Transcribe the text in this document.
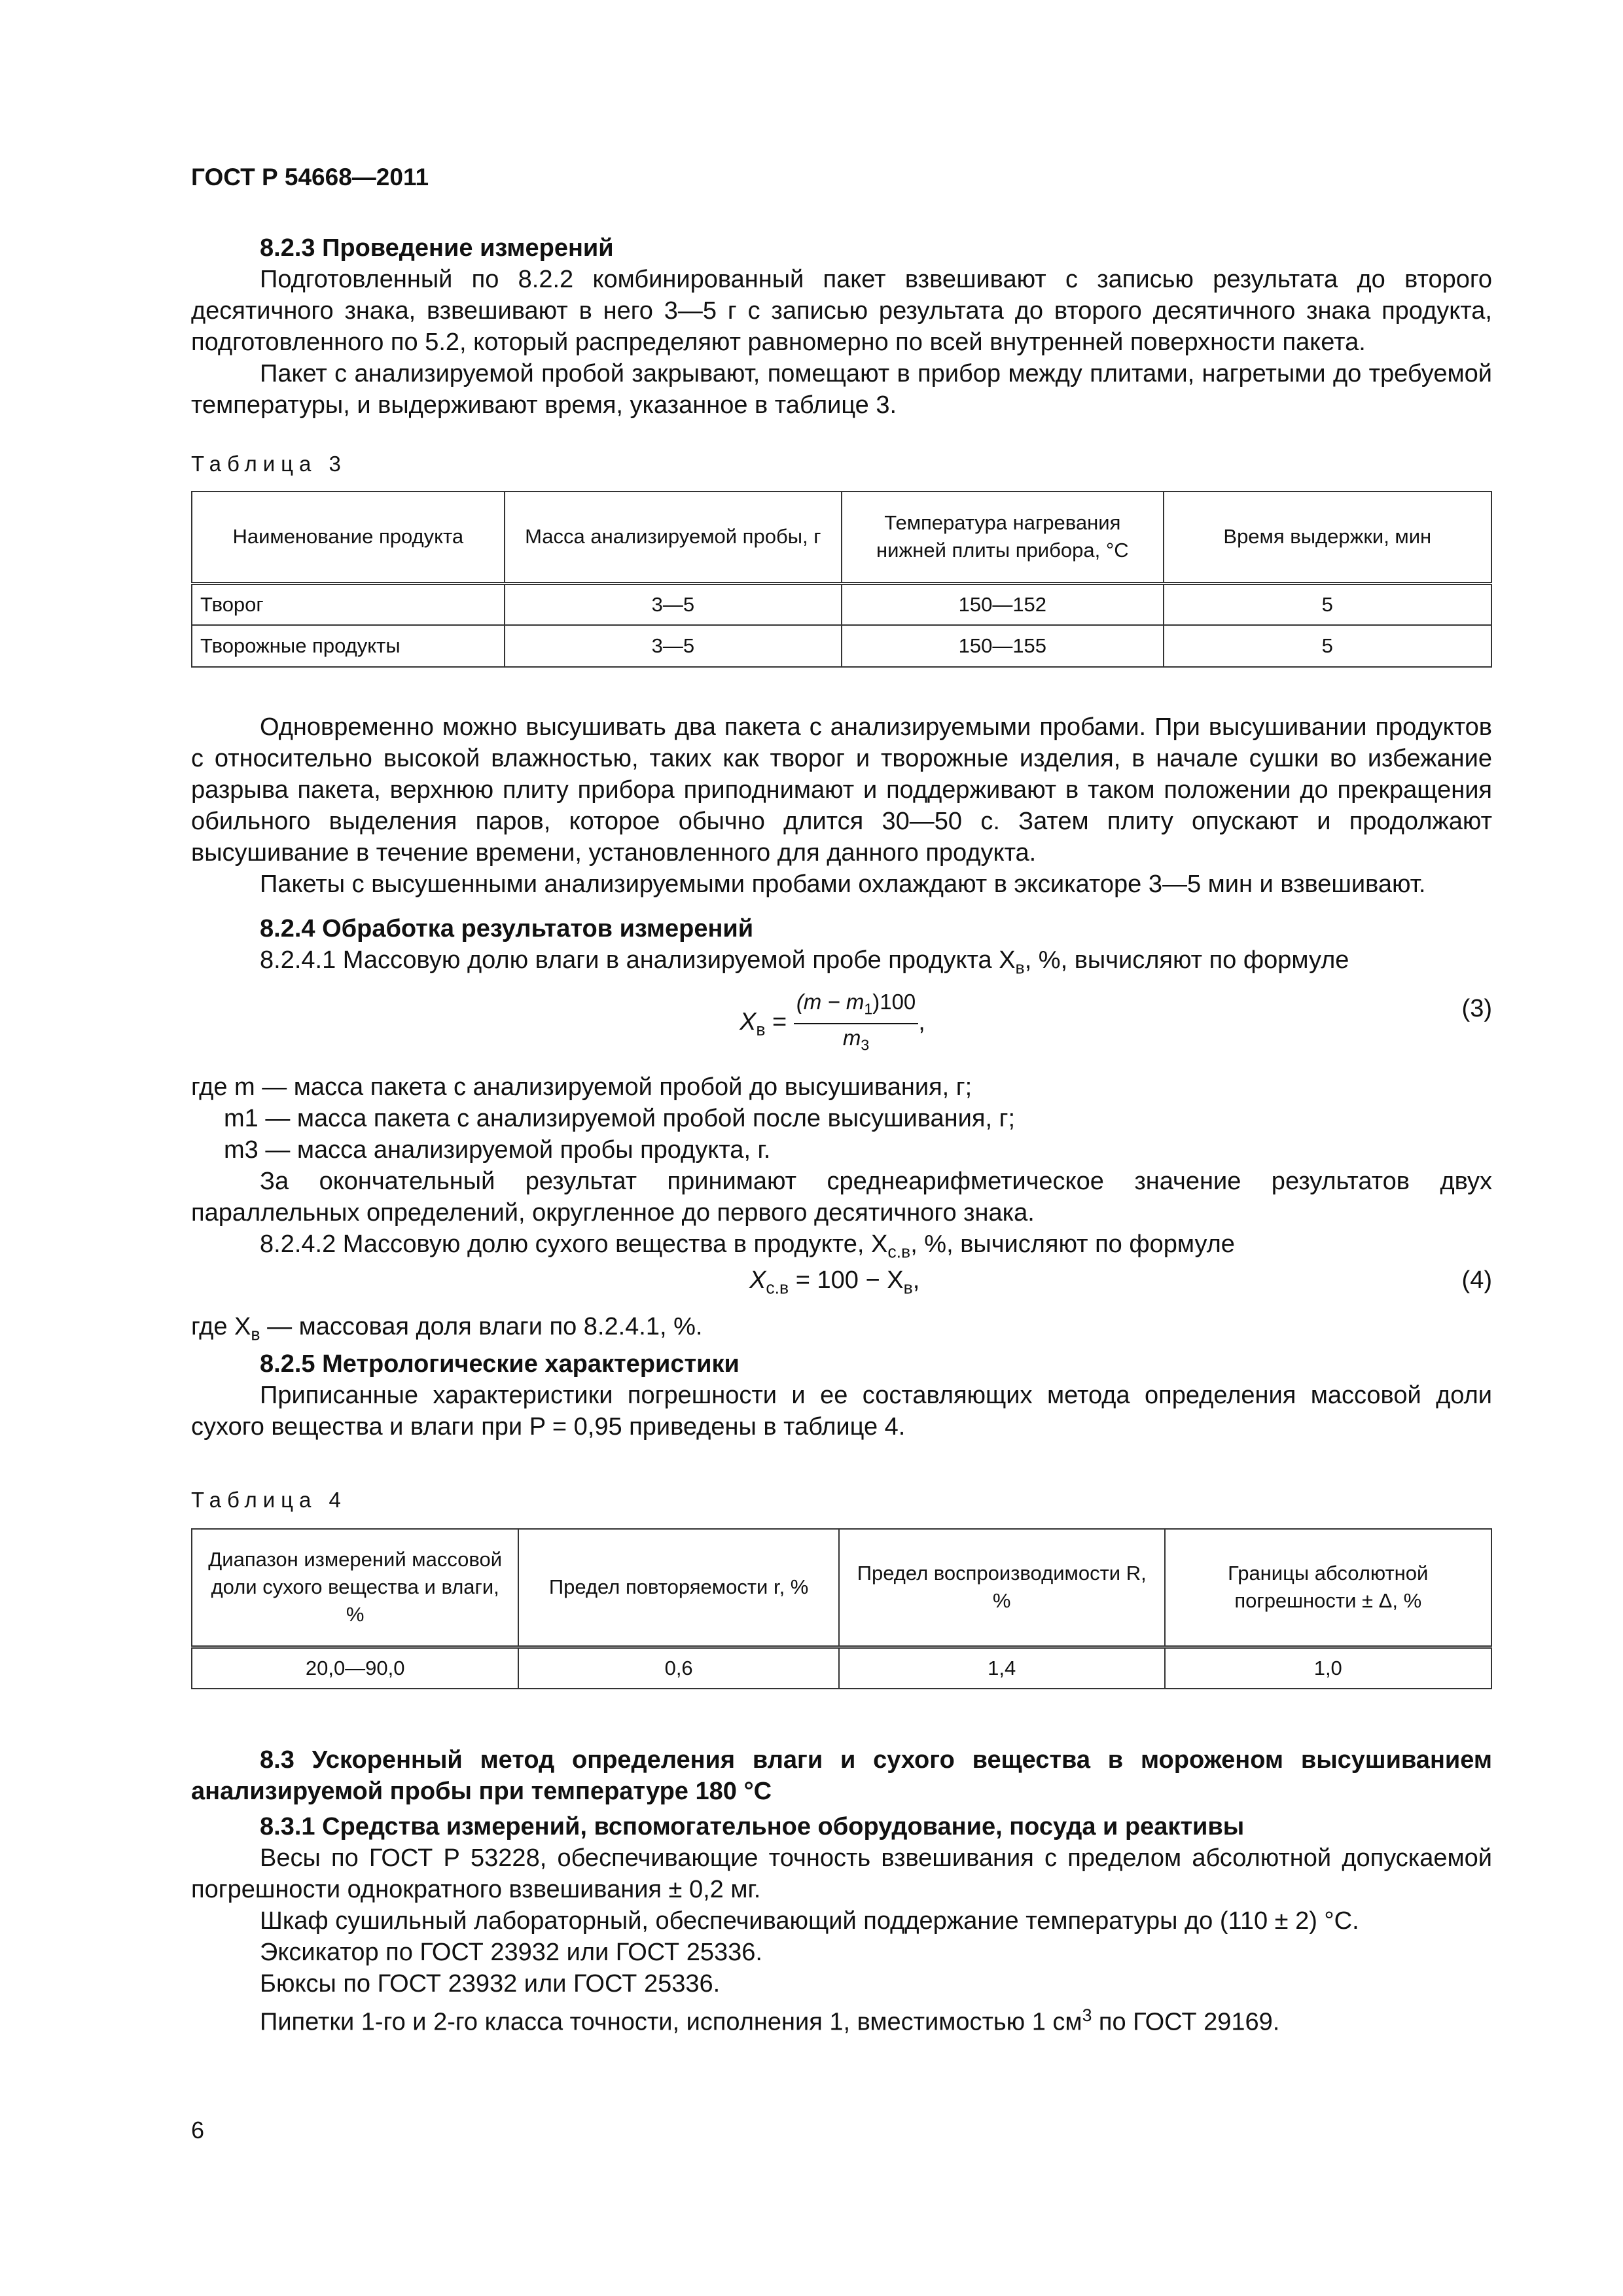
ГОСТ Р 54668—2011

8.2.3 Проведение измерений

Подготовленный по 8.2.2 комбинированный пакет взвешивают с записью результата до второго десятичного знака, взвешивают в него 3—5 г с записью результата до второго десятичного знака продукта, подготовленного по 5.2, который распределяют равномерно по всей внутренней поверхности пакета.

Пакет с анализируемой пробой закрывают, помещают в прибор между плитами, нагретыми до требуемой температуры, и выдерживают время, указанное в таблице 3.

Таблица 3
Наименование продукта	Масса анализируемой пробы, г	Температура нагревания нижней плиты прибора, °С	Время выдержки, мин
Творог	3—5	150—152	5
Творожные продукты	3—5	150—155	5

Одновременно можно высушивать два пакета с анализируемыми пробами. При высушивании продуктов с относительно высокой влажностью, таких как творог и творожные изделия, в начале сушки во избежание разрыва пакета, верхнюю плиту прибора приподнимают и поддерживают в таком положении до прекращения обильного выделения паров, которое обычно длится 30—50 с. Затем плиту опускают и продолжают высушивание в течение времени, установленного для данного продукта.

Пакеты с высушенными анализируемыми пробами охлаждают в эксикаторе 3—5 мин и взвешивают.

8.2.4 Обработка результатов измерений

8.2.4.1 Массовую долю влаги в анализируемой пробе продукта $X_в$, %, вычисляют по формуле

$X_в = \frac{(m - m_1)100}{m_3}$ ,	(3)

где m — масса пакета с анализируемой пробой до высушивания, г;

m1 — масса пакета с анализируемой пробой после высушивания, г;

m3 — масса анализируемой пробы продукта, г.

За окончательный результат принимают среднеарифметическое значение результатов двух параллельных определений, округленное до первого десятичного знака.

8.2.4.2 Массовую долю сухого вещества в продукте, $X_{с.в}$, %, вычисляют по формуле

$X_{с.в} = 100 - X_в$,	(4)

где $X_в$ — массовая доля влаги по 8.2.4.1, %.

8.2.5 Метрологические характеристики

Приписанные характеристики погрешности и ее составляющих метода определения массовой доли сухого вещества и влаги при P = 0,95 приведены в таблице 4.

Таблица 4
Диапазон измерений массовой доли сухого вещества и влаги, %	Предел повторяемости r, %	Предел воспроизводимости R, %	Границы абсолютной погрешности ± Δ, %
20,0—90,0	0,6	1,4	1,0

8.3 Ускоренный метод определения влаги и сухого вещества в мороженом высушиванием анализируемой пробы при температуре 180 °С

8.3.1 Средства измерений, вспомогательное оборудование, посуда и реактивы

Весы по ГОСТ Р 53228, обеспечивающие точность взвешивания с пределом абсолютной допускаемой погрешности однократного взвешивания ± 0,2 мг.

Шкаф сушильный лабораторный, обеспечивающий поддержание температуры до (110 ± 2) °С.

Эксикатор по ГОСТ 23932 или ГОСТ 25336.

Бюксы по ГОСТ 23932 или ГОСТ 25336.

Пипетки 1-го и 2-го класса точности, исполнения 1, вместимостью 1 $см^3$ по ГОСТ 29169.

6
